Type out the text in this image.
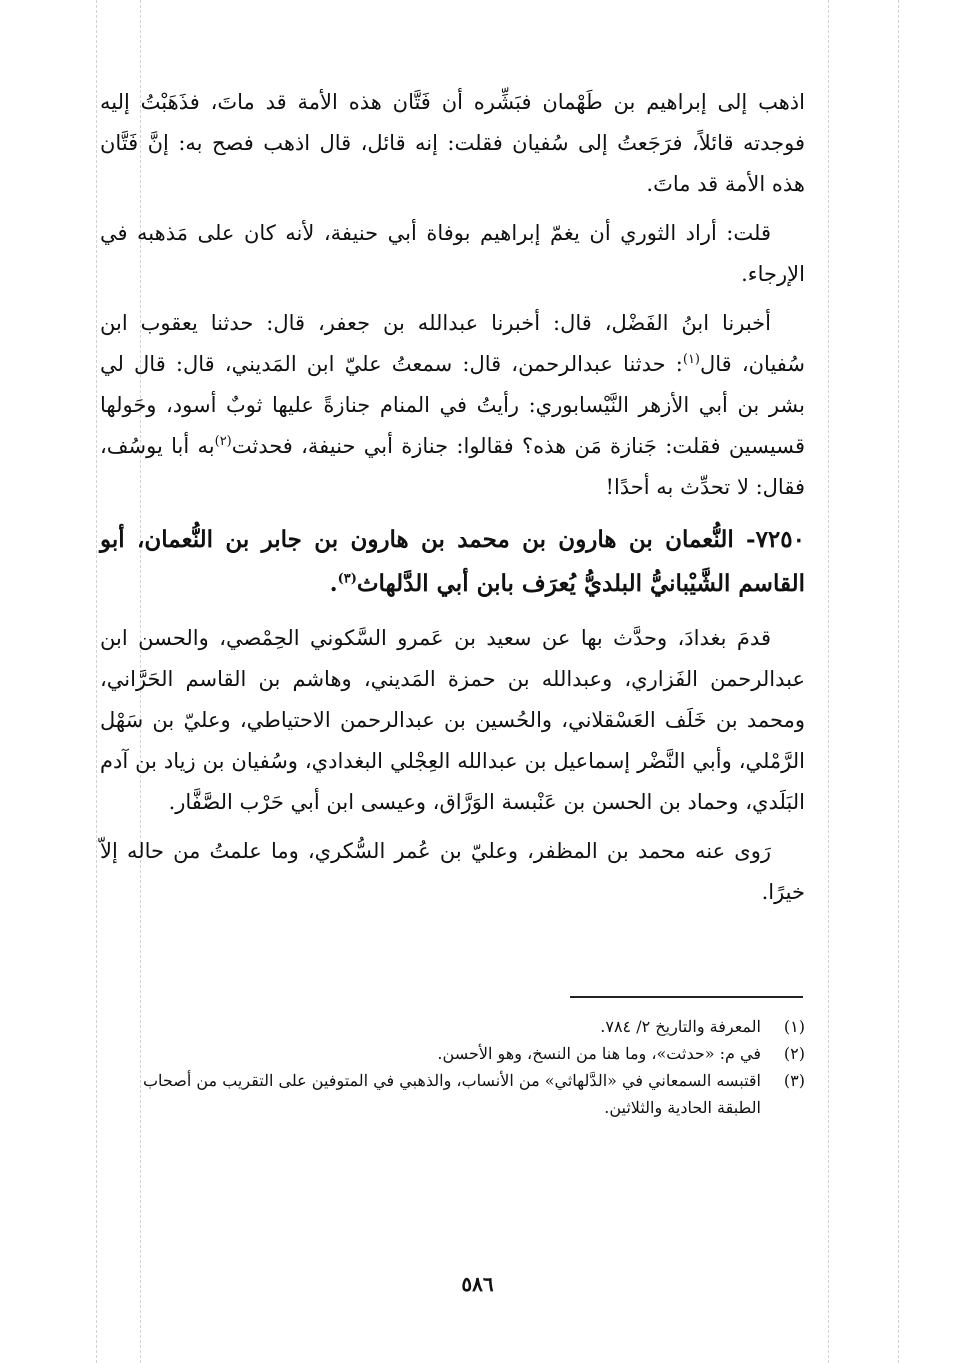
اذهب إلى إبراهيم بن طَهْمان فبَشِّره أن فَتَّان هذه الأمة قد ماتَ، فذَهَبْتُ إليه فوجدته قائلاً، فرَجَعتُ إلى سُفيان فقلت: إنه قائل، قال اذهب فصح به: إنَّ فَتَّان هذه الأمة قد ماتَ.

قلت: أراد الثوري أن يغمّ إبراهيم بوفاة أبي حنيفة، لأنه كان على مَذهبه في الإرجاء.

أخبرنا ابنُ الفَضْل، قال: أخبرنا عبدالله بن جعفر، قال: حدثنا يعقوب ابن سُفيان، قال$^{(١)}$: حدثنا عبدالرحمن، قال: سمعتُ عليّ ابن المَديني، قال: قال لي بشر بن أبي الأزهر النَّيْسابوري: رأيتُ في المنام جنازةً عليها ثوبٌ أسود، وحَولها قسيسين فقلت: جَنازة مَن هذه؟ فقالوا: جنازة أبي حنيفة، فحدثت$^{(٢)}$به أبا يوسُف، فقال: لا تحدِّث به أحدًا!

٧٢٥٠- النُّعمان بن هارون بن محمد بن هارون بن جابر بن النُّعمان، أبو القاسم الشَّيْبانيُّ البلديُّ يُعرَف بابن أبي الدَّلهاث$^{(٣)}$.

قدمَ بغدادَ، وحدَّث بها عن سعيد بن عَمرو السَّكوني الحِمْصي، والحسن ابن عبدالرحمن الفَزاري، وعبدالله بن حمزة المَديني، وهاشم بن القاسم الحَرَّاني، ومحمد بن خَلَف العَسْقلاني، والحُسين بن عبدالرحمن الاحتياطي، وعليّ بن سَهْل الرَّمْلي، وأبي النَّضْر إسماعيل بن عبدالله العِجْلي البغدادي، وسُفيان بن زياد بن آدم البَلَدي، وحماد بن الحسن بن عَنْبسة الوَرَّاق، وعيسى ابن أبي حَرْب الصَّفَّار.

رَوى عنه محمد بن المظفر، وعليّ بن عُمر السُّكري، وما علمتُ من حاله إلاّ خيرًا.

(١)
المعرفة والتاريخ ٢/ ٧٨٤.
(٢)
في م: «حدثت»، وما هنا من النسخ، وهو الأحسن.
(٣)
اقتبسه السمعاني في «الدَّلهاثي» من الأنساب، والذهبي في المتوفين على التقريب من أصحاب الطبقة الحادية والثلاثين.
٥٨٦
